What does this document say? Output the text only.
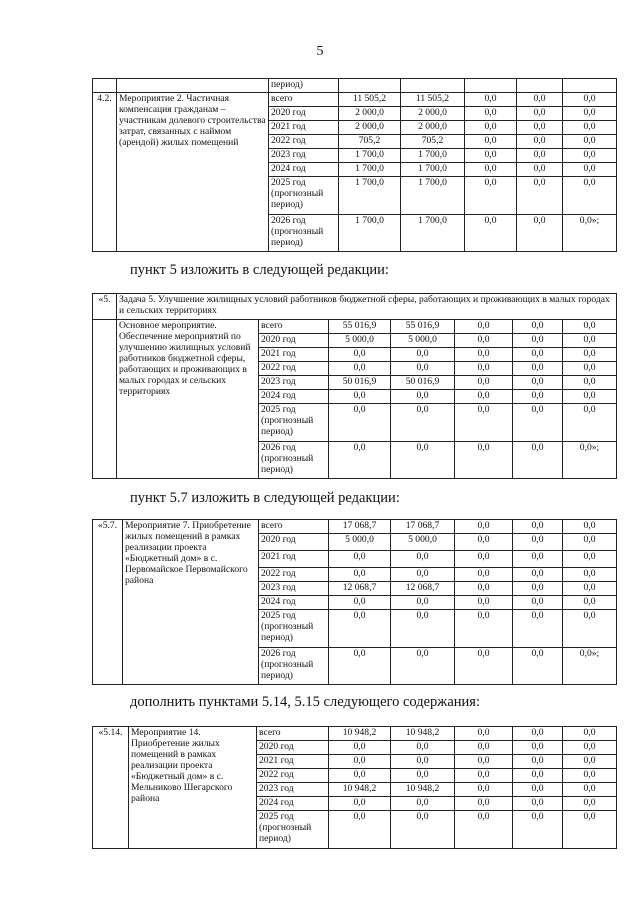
5
		период)					
4.2.	Мероприятие 2. Частичная компенсация гражданам – участникам долевого строительства затрат, связанных с наймом (арендой) жилых помещений	всего	11 505,2	11 505,2	0,0	0,0	0,0
		2020 год	2 000,0	2 000,0	0,0	0,0	0,0
		2021 год	2 000,0	2 000,0	0,0	0,0	0,0
		2022 год	705,2	705,2	0,0	0,0	0,0
		2023 год	1 700,0	1 700,0	0,0	0,0	0,0
		2024 год	1 700,0	1 700,0	0,0	0,0	0,0
		2025 год (прогнозный период)	1 700,0	1 700,0	0,0	0,0	0,0
		2026 год (прогнозный период)	1 700,0	1 700,0	0,0	0,0	0,0»;
пункт 5 изложить в следующей редакции:
«5.	Задача 5. Улучшение жилищных условий работников бюджетной сферы, работающих и проживающих в малых городах и сельских территориях						
	Основное мероприятие. Обеспечение мероприятий по улучшению жилищных условий работников бюджетной сферы, работающих и проживающих в малых городах и сельских территориях	всего	55 016,9	55 016,9	0,0	0,0	0,0
		2020 год	5 000,0	5 000,0	0,0	0,0	0,0
		2021 год	0,0	0,0	0,0	0,0	0,0
		2022 год	0,0	0,0	0,0	0,0	0,0
		2023 год	50 016,9	50 016,9	0,0	0,0	0,0
		2024 год	0,0	0,0	0,0	0,0	0,0
		2025 год (прогнозный период)	0,0	0,0	0,0	0,0	0,0
		2026 год (прогнозный период)	0,0	0,0	0,0	0,0	0,0»;
пункт 5.7 изложить в следующей редакции:
«5.7.	Мероприятие 7. Приобретение жилых помещений в рамках реализации проекта «Бюджетный дом» в с. Первомайское Первомайского района	всего	17 068,7	17 068,7	0,0	0,0	0,0
		2020 год	5 000,0	5 000,0	0,0	0,0	0,0
		2021 год	0,0	0,0	0,0	0,0	0,0
		2022 год	0,0	0,0	0,0	0,0	0,0
		2023 год	12 068,7	12 068,7	0,0	0,0	0,0
		2024 год	0,0	0,0	0,0	0,0	0,0
		2025 год (прогнозный период)	0,0	0,0	0,0	0,0	0,0
		2026 год (прогнозный период)	0,0	0,0	0,0	0,0	0,0»;
дополнить пунктами 5.14, 5.15 следующего содержания:
«5.14.	Мероприятие 14. Приобретение жилых помещений в рамках реализации проекта «Бюджетный дом» в с. Мельниково Шегарского района	всего	10 948,2	10 948,2	0,0	0,0	0,0
		2020 год	0,0	0,0	0,0	0,0	0,0
		2021 год	0,0	0,0	0,0	0,0	0,0
		2022 год	0,0	0,0	0,0	0,0	0,0
		2023 год	10 948,2	10 948,2	0,0	0,0	0,0
		2024 год	0,0	0,0	0,0	0,0	0,0
		2025 год (прогнозный период)	0,0	0,0	0,0	0,0	0,0
